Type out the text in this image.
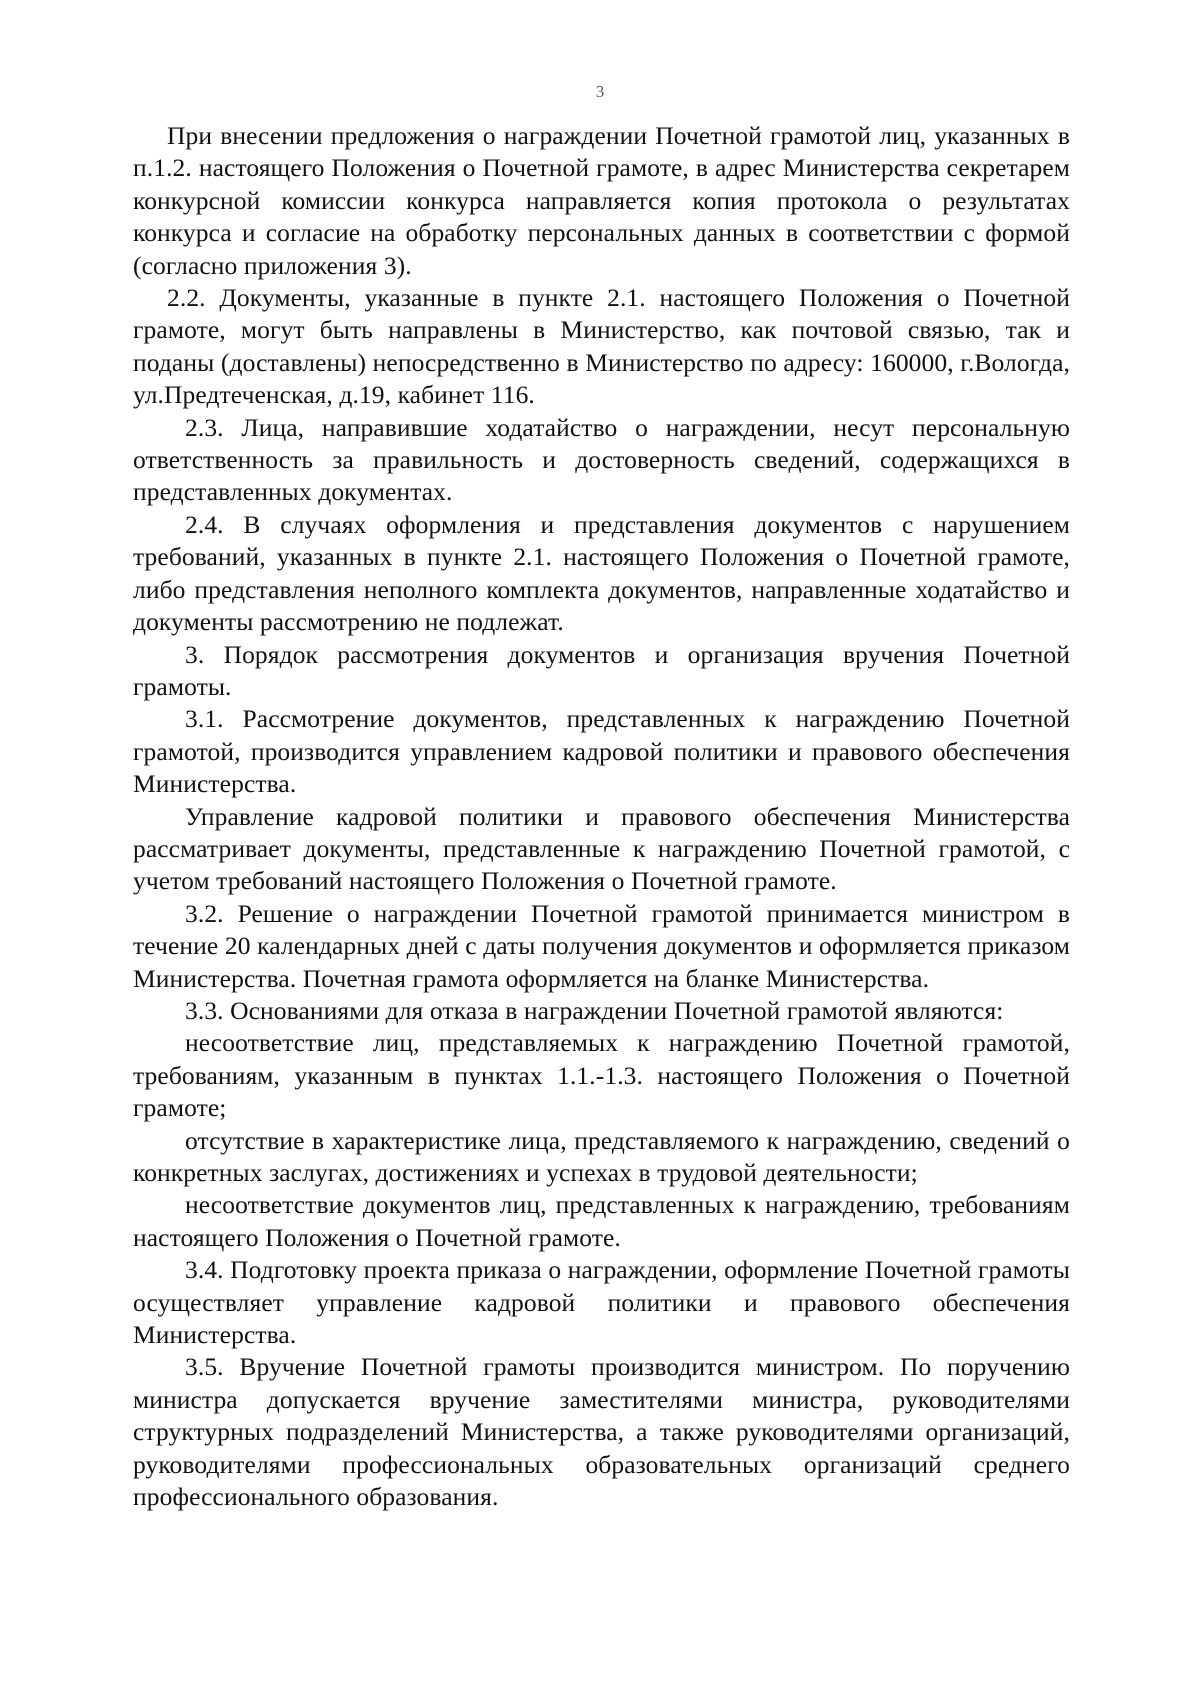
3

При внесении предложения о награждении Почетной грамотой лиц, указанных в п.1.2. настоящего Положения о Почетной грамоте, в адрес Министерства секретарем конкурсной комиссии конкурса направляется копия протокола о результатах конкурса и согласие на обработку персональных данных в соответствии с формой (согласно приложения 3).

2.2. Документы, указанные в пункте 2.1. настоящего Положения о Почетной грамоте, могут быть направлены в Министерство, как почтовой связью, так и поданы (доставлены) непосредственно в Министерство по адресу: 160000, г.Вологда, ул.Предтеченская, д.19, кабинет 116.

2.3. Лица, направившие ходатайство о награждении, несут персональную ответственность за правильность и достоверность сведений, содержащихся в представленных документах.

2.4. В случаях оформления и представления документов с нарушением требований, указанных в пункте 2.1. настоящего Положения о Почетной грамоте, либо представления неполного комплекта документов, направленные ходатайство и документы рассмотрению не подлежат.

3. Порядок рассмотрения документов и организация вручения Почетной грамоты.

3.1. Рассмотрение документов, представленных к награждению Почетной грамотой, производится управлением кадровой политики и правового обеспечения Министерства.

Управление кадровой политики и правового обеспечения Министерства рассматривает документы, представленные к награждению Почетной грамотой, с учетом требований настоящего Положения о Почетной грамоте.

3.2. Решение о награждении Почетной грамотой принимается министром в течение 20 календарных дней с даты получения документов и оформляется приказом Министерства. Почетная грамота оформляется на бланке Министерства.

3.3. Основаниями для отказа в награждении Почетной грамотой являются:

несоответствие лиц, представляемых к награждению Почетной грамотой, требованиям, указанным в пунктах 1.1.-1.3. настоящего Положения о Почетной грамоте;

отсутствие в характеристике лица, представляемого к награждению, сведений о конкретных заслугах, достижениях и успехах в трудовой деятельности;

несоответствие документов лиц, представленных к награждению, требованиям настоящего Положения о Почетной грамоте.

3.4. Подготовку проекта приказа о награждении, оформление Почетной грамоты осуществляет управление кадровой политики и правового обеспечения Министерства.

3.5. Вручение Почетной грамоты производится министром. По поручению министра допускается вручение заместителями министра, руководителями структурных подразделений Министерства, а также руководителями организаций, руководителями профессиональных образовательных организаций среднего профессионального образования.
